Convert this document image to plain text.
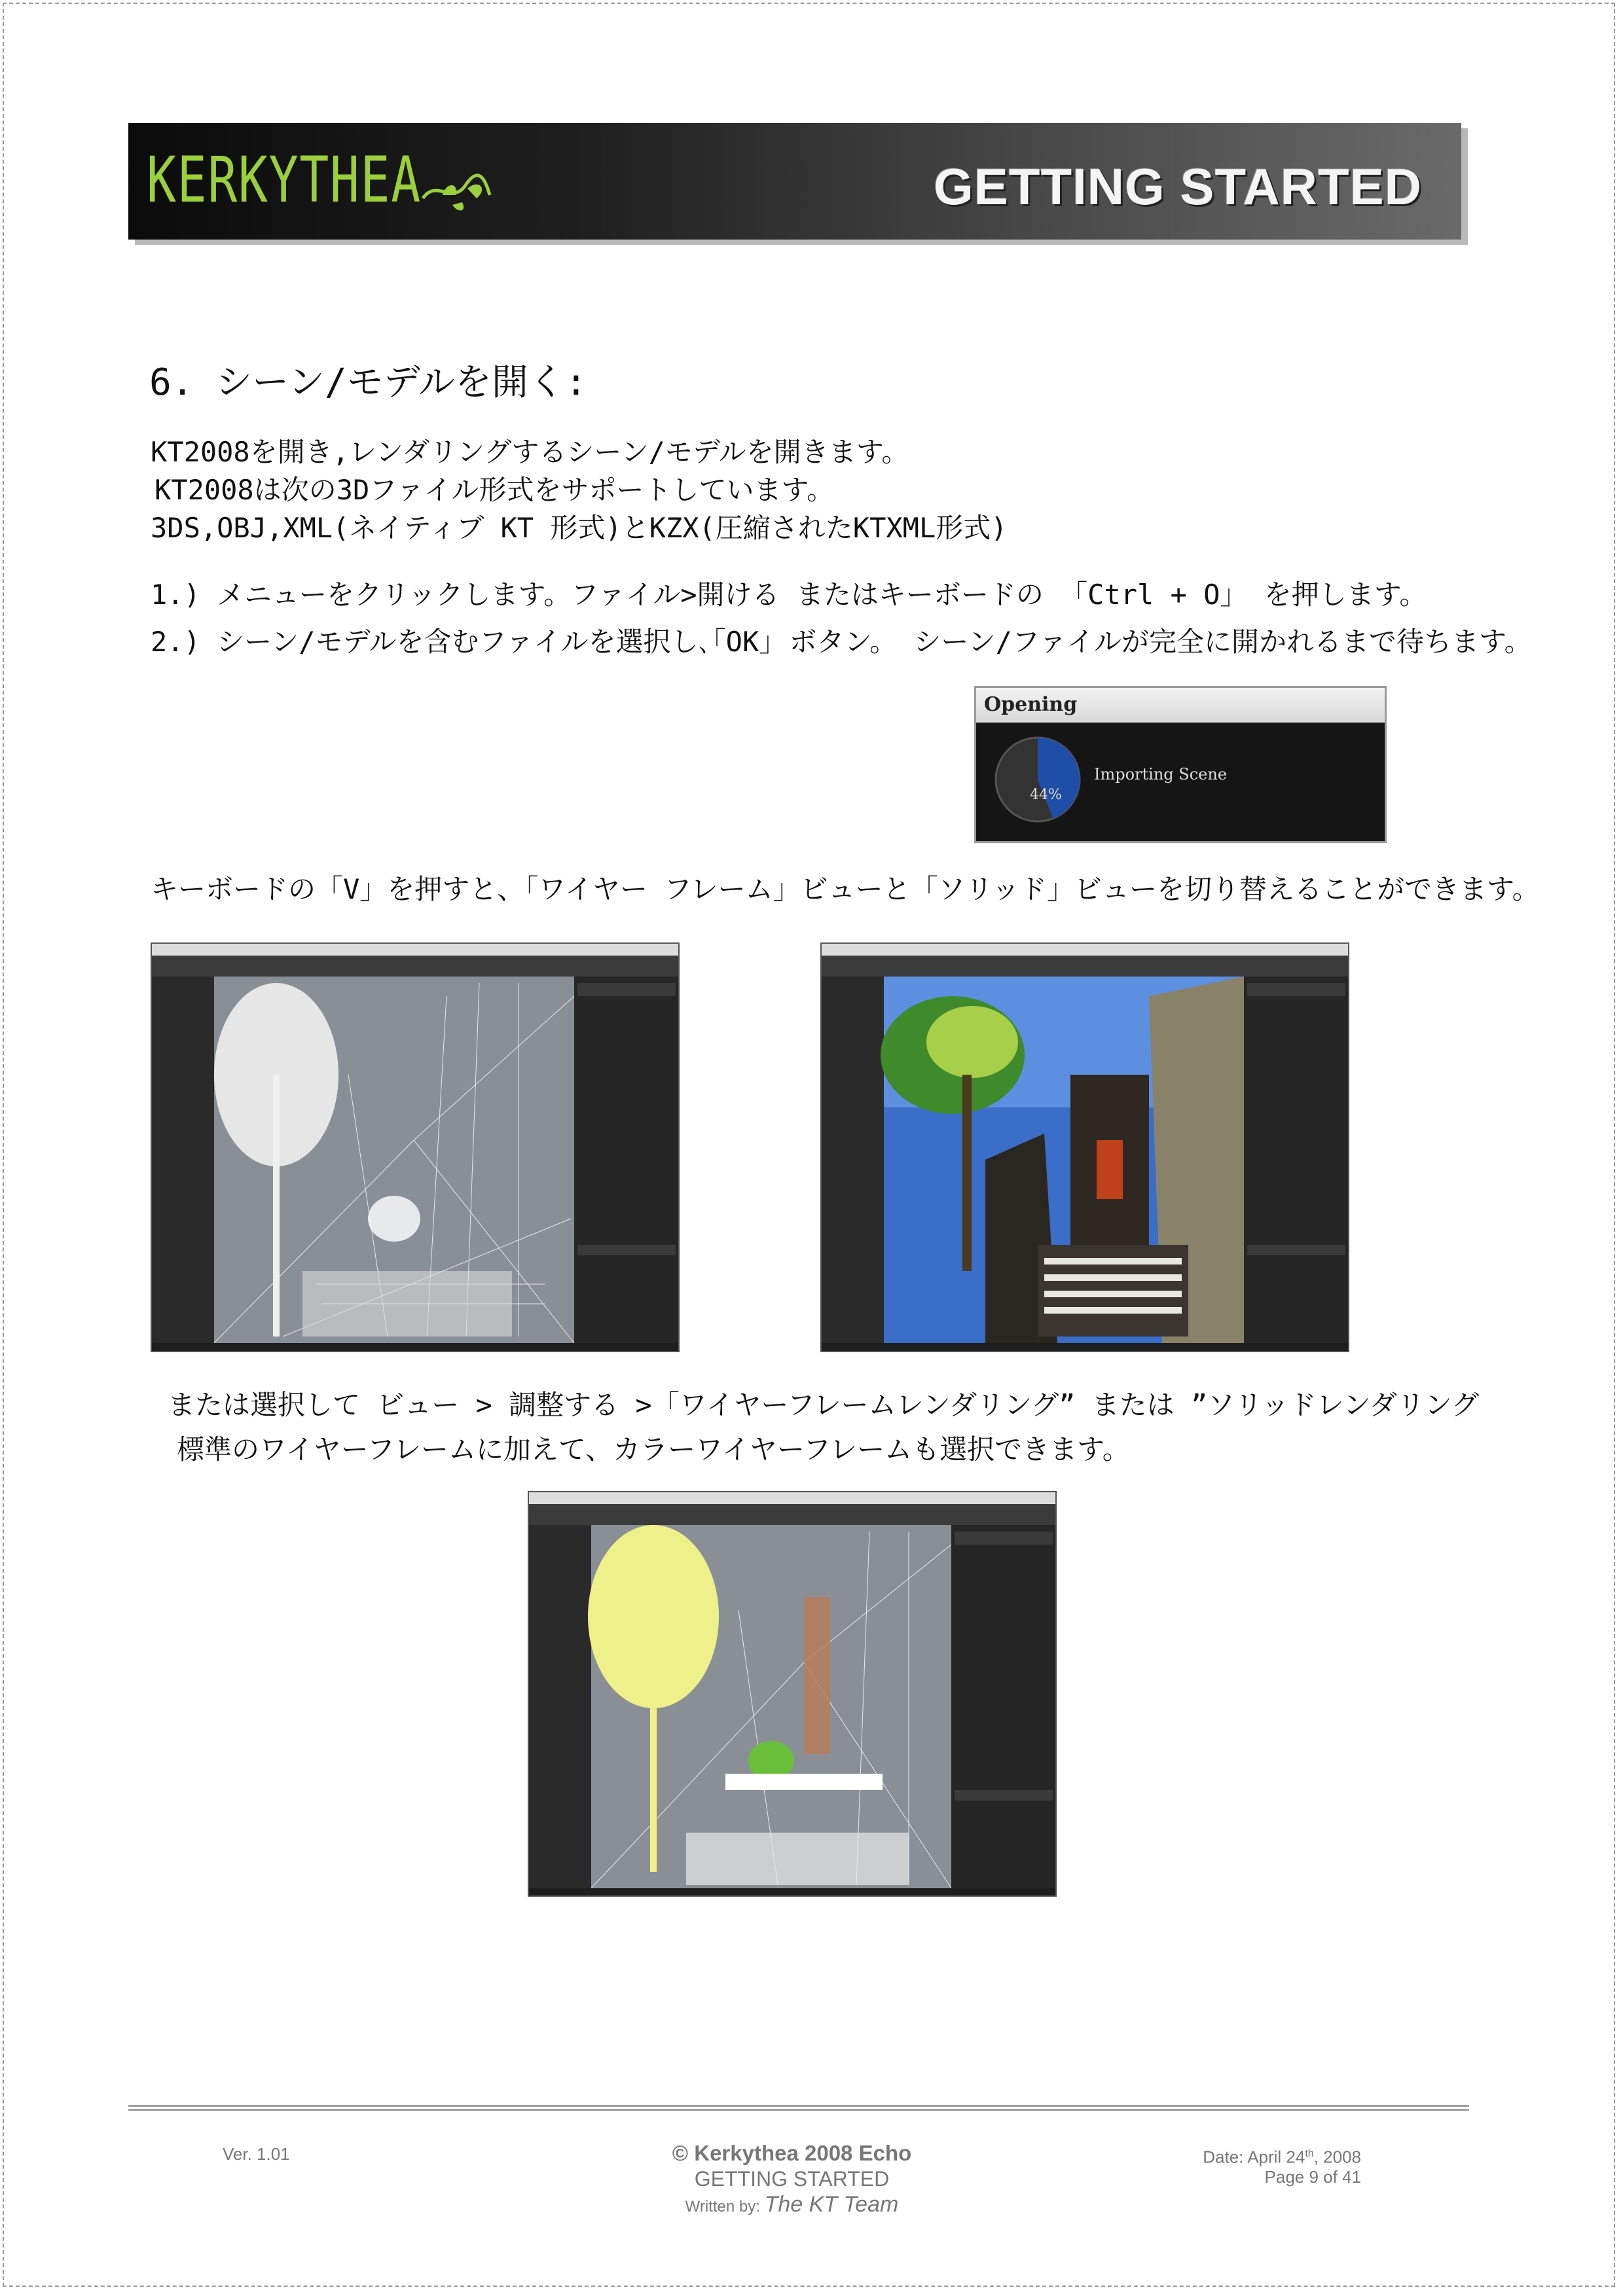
KERKYTHEA	GETTING STARTED
6. シーン/モデルを開く:
KT2008を開き,レンダリングするシーン/モデルを開きます。
KT2008は次の3Dファイル形式をサポートしています。
3DS,OBJ,XML(ネイティブ KT 形式)とKZX(圧縮されたKTXML形式)
1.) メニューをクリックします。ファイル>開ける またはキーボードの 「Ctrl + O」 を押します。
2.) シーン/モデルを含むファイルを選択し､｢OK｣ ボタン。 シーン/ファイルが完全に開かれるまで待ちます。
Opening
44%
Importing Scene
キーボードの「V」を押すと、「ワイヤー フレーム」ビューと「ソリッド」ビューを切り替えることができます。
または選択して ビュー > 調整する >「ワイヤーフレームレンダリング” または ”ソリッドレンダリング
標準のワイヤーフレームに加えて、カラーワイヤーフレームも選択できます。
Ver. 1.01	© Kerkythea 2008 Echo
GETTING STARTED
Written by: The KT Team
Date: April 24th, 2008
Page 9 of 41
